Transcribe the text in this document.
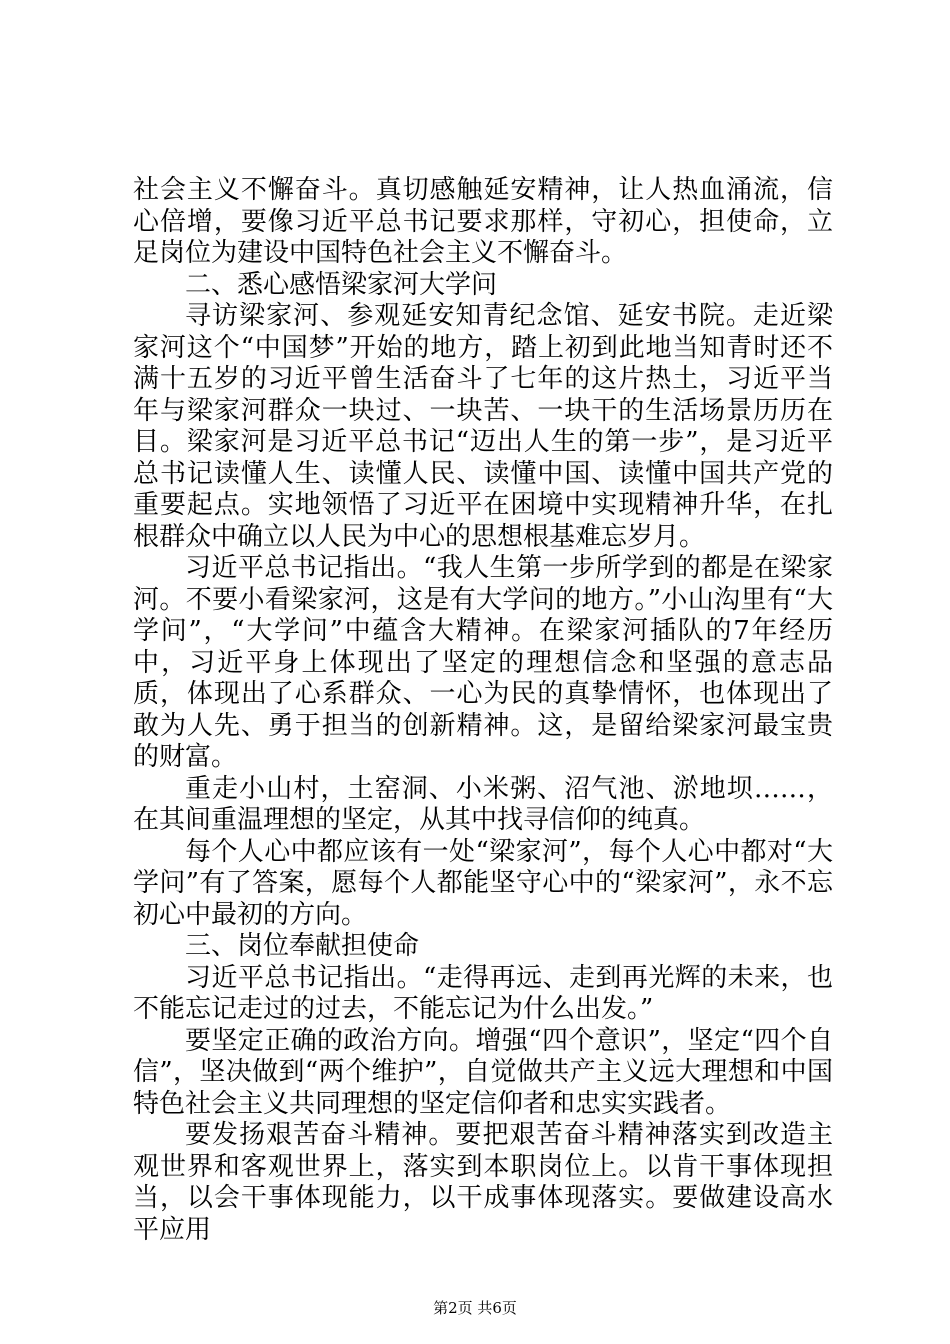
社会主义不懈奋斗。真切感触延安精神，让人热血涌流，信心倍增，要像习近平总书记要求那样，守初心，担使命，立足岗位为建设中国特色社会主义不懈奋斗。

二、悉心感悟梁家河大学问

寻访梁家河、参观延安知青纪念馆、延安书院。走近梁家河这个“中国梦”开始的地方，踏上初到此地当知青时还不满十五岁的习近平曾生活奋斗了七年的这片热土，习近平当年与梁家河群众一块过、一块苦、一块干的生活场景历历在目。梁家河是习近平总书记“迈出人生的第一步”，是习近平总书记读懂人生、读懂人民、读懂中国、读懂中国共产党的重要起点。实地领悟了习近平在困境中实现精神升华，在扎根群众中确立以人民为中心的思想根基难忘岁月。

习近平总书记指出。“我人生第一步所学到的都是在梁家河。不要小看梁家河，这是有大学问的地方。”小山沟里有“大学问”，“大学问”中蕴含大精神。在梁家河插队的7年经历中，习近平身上体现出了坚定的理想信念和坚强的意志品质，体现出了心系群众、一心为民的真挚情怀，也体现出了敢为人先、勇于担当的创新精神。这，是留给梁家河最宝贵的财富。

重走小山村，土窑洞、小米粥、沼气池、淤地坝……，在其间重温理想的坚定，从其中找寻信仰的纯真。

每个人心中都应该有一处“梁家河”，每个人心中都对“大学问”有了答案，愿每个人都能坚守心中的“梁家河”，永不忘初心中最初的方向。

三、岗位奉献担使命

习近平总书记指出。“走得再远、走到再光辉的未来，也不能忘记走过的过去，不能忘记为什么出发。”

要坚定正确的政治方向。增强“四个意识”，坚定“四个自信”，坚决做到“两个维护”，自觉做共产主义远大理想和中国特色社会主义共同理想的坚定信仰者和忠实实践者。

要发扬艰苦奋斗精神。要把艰苦奋斗精神落实到改造主观世界和客观世界上，落实到本职岗位上。以肯干事体现担当，以会干事体现能力，以干成事体现落实。要做建设高水平应用

第2页 共6页
